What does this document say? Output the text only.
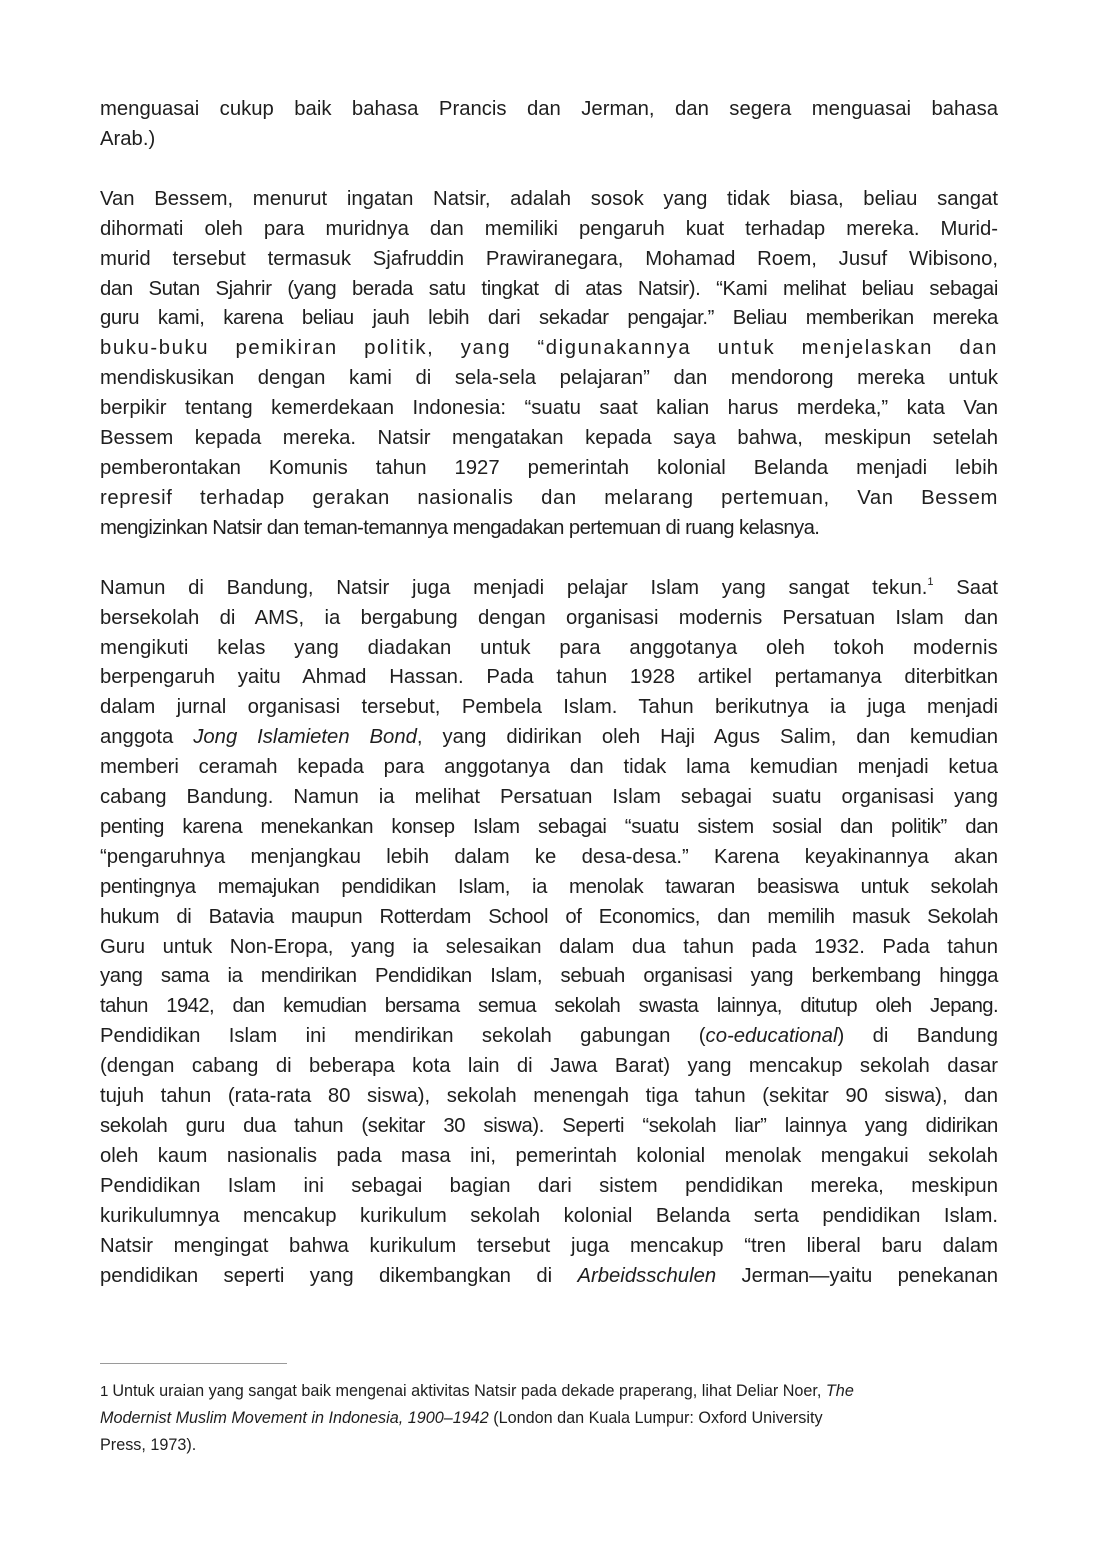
menguasai cukup baik bahasa Prancis dan Jerman, dan segera menguasai bahasa
Arab.)

Van Bessem, menurut ingatan Natsir, adalah sosok yang tidak biasa, beliau sangat
dihormati oleh para muridnya dan memiliki pengaruh kuat terhadap mereka. Murid-
murid tersebut termasuk Sjafruddin Prawiranegara, Mohamad Roem, Jusuf Wibisono,
dan Sutan Sjahrir (yang berada satu tingkat di atas Natsir). “Kami melihat beliau sebagai
guru kami, karena beliau jauh lebih dari sekadar pengajar.” Beliau memberikan mereka
buku-buku pemikiran politik, yang “digunakannya untuk menjelaskan dan
mendiskusikan dengan kami di sela-sela pelajaran” dan mendorong mereka untuk
berpikir tentang kemerdekaan Indonesia: “suatu saat kalian harus merdeka,” kata Van
Bessem kepada mereka. Natsir mengatakan kepada saya bahwa, meskipun setelah
pemberontakan Komunis tahun 1927 pemerintah kolonial Belanda menjadi lebih
represif terhadap gerakan nasionalis dan melarang pertemuan, Van Bessem
mengizinkan Natsir dan teman-temannya mengadakan pertemuan di ruang kelasnya.

Namun di Bandung, Natsir juga menjadi pelajar Islam yang sangat tekun.$^1$ Saat
bersekolah di AMS, ia bergabung dengan organisasi modernis Persatuan Islam dan
mengikuti kelas yang diadakan untuk para anggotanya oleh tokoh modernis
berpengaruh yaitu Ahmad Hassan. Pada tahun 1928 artikel pertamanya diterbitkan
dalam jurnal organisasi tersebut, Pembela Islam. Tahun berikutnya ia juga menjadi
anggota Jong Islamieten Bond, yang didirikan oleh Haji Agus Salim, dan kemudian
memberi ceramah kepada para anggotanya dan tidak lama kemudian menjadi ketua
cabang Bandung. Namun ia melihat Persatuan Islam sebagai suatu organisasi yang
penting karena menekankan konsep Islam sebagai “suatu sistem sosial dan politik” dan
“pengaruhnya menjangkau lebih dalam ke desa-desa.” Karena keyakinannya akan
pentingnya memajukan pendidikan Islam, ia menolak tawaran beasiswa untuk sekolah
hukum di Batavia maupun Rotterdam School of Economics, dan memilih masuk Sekolah
Guru untuk Non-Eropa, yang ia selesaikan dalam dua tahun pada 1932. Pada tahun
yang sama ia mendirikan Pendidikan Islam, sebuah organisasi yang berkembang hingga
tahun 1942, dan kemudian bersama semua sekolah swasta lainnya, ditutup oleh Jepang.
Pendidikan Islam ini mendirikan sekolah gabungan (co-educational) di Bandung
(dengan cabang di beberapa kota lain di Jawa Barat) yang mencakup sekolah dasar
tujuh tahun (rata-rata 80 siswa), sekolah menengah tiga tahun (sekitar 90 siswa), dan
sekolah guru dua tahun (sekitar 30 siswa). Seperti “sekolah liar” lainnya yang didirikan
oleh kaum nasionalis pada masa ini, pemerintah kolonial menolak mengakui sekolah
Pendidikan Islam ini sebagai bagian dari sistem pendidikan mereka, meskipun
kurikulumnya mencakup kurikulum sekolah kolonial Belanda serta pendidikan Islam.
Natsir mengingat bahwa kurikulum tersebut juga mencakup “tren liberal baru dalam
pendidikan seperti yang dikembangkan di Arbeidsschulen Jerman—yaitu penekanan

1 Untuk uraian yang sangat baik mengenai aktivitas Natsir pada dekade praperang, lihat Deliar Noer, The
Modernist Muslim Movement in Indonesia, 1900–1942 (London dan Kuala Lumpur: Oxford University
Press, 1973).
